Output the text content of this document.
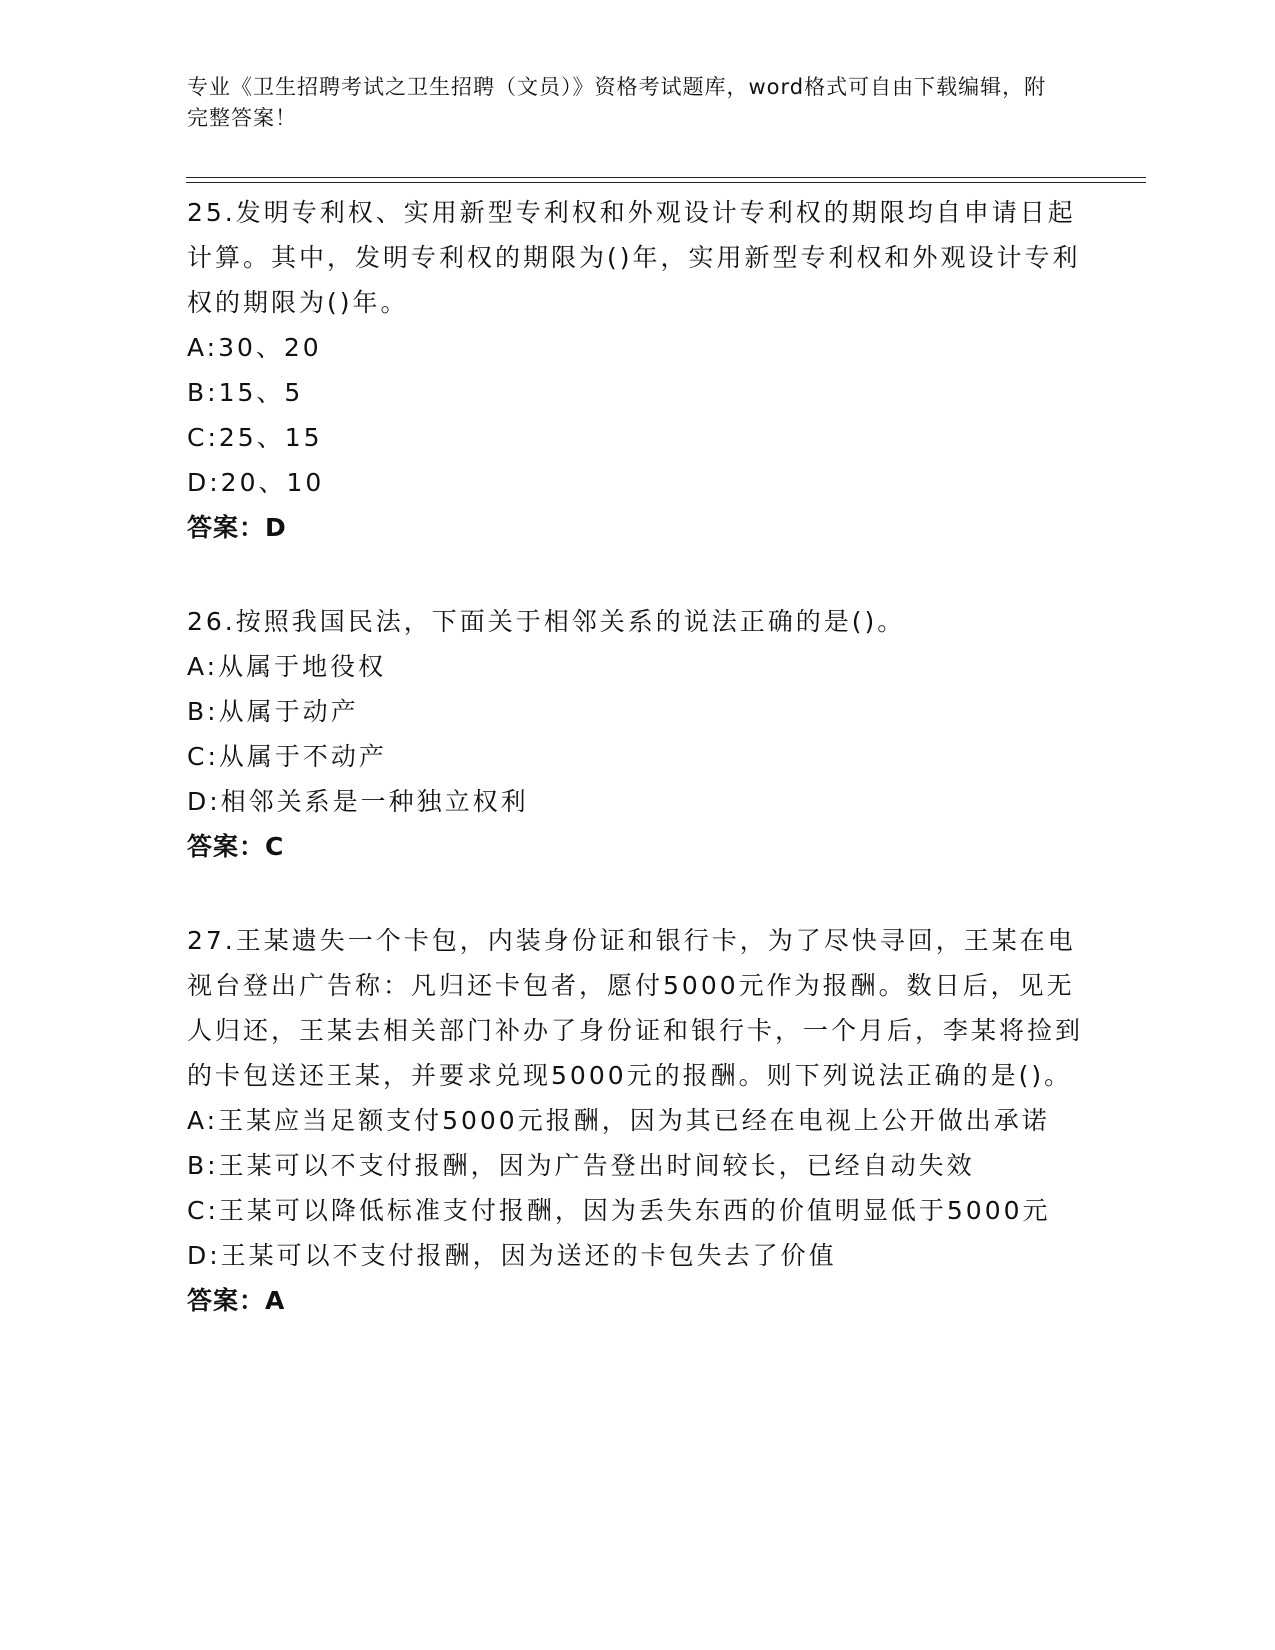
专业《卫生招聘考试之卫生招聘（文员）》资格考试题库，word格式可自由下载编辑，附完整答案！

25.发明专利权、实用新型专利权和外观设计专利权的期限均自申请日起计算。其中，发明专利权的期限为()年，实用新型专利权和外观设计专利权的期限为()年。

A:30、20

B:15、5

C:25、15

D:20、10

答案：D

26.按照我国民法，下面关于相邻关系的说法正确的是()。

A:从属于地役权

B:从属于动产

C:从属于不动产

D:相邻关系是一种独立权利

答案：C

27.王某遗失一个卡包，内装身份证和银行卡，为了尽快寻回，王某在电视台登出广告称：凡归还卡包者，愿付5000元作为报酬。数日后，见无人归还，王某去相关部门补办了身份证和银行卡，一个月后，李某将捡到的卡包送还王某，并要求兑现5000元的报酬。则下列说法正确的是()。

A:王某应当足额支付5000元报酬，因为其已经在电视上公开做出承诺

B:王某可以不支付报酬，因为广告登出时间较长，已经自动失效

C:王某可以降低标准支付报酬，因为丢失东西的价值明显低于5000元

D:王某可以不支付报酬，因为送还的卡包失去了价值

答案：A
